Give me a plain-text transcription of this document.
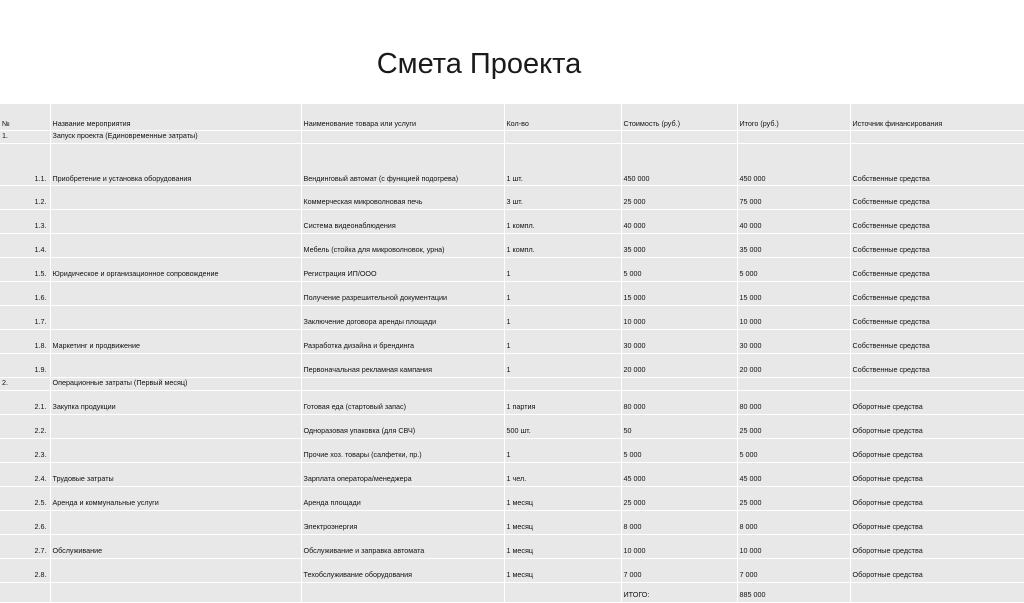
Смета Проекта
№	Название мероприятия	Наименование товара или услуги	Кол-во	Стоимость (руб.)	Итого (руб.)	Источник финансирования
1.	Запуск проекта (Единовременные затраты)					
1.1.	Приобретение и установка оборудования	Вендинговый автомат (с функцией подогрева)	1 шт.	450 000	450 000	Собственные средства
1.2.		Коммерческая микроволновая печь	3 шт.	25 000	75 000	Собственные средства
1.3.		Система видеонаблюдения	1 компл.	40 000	40 000	Собственные средства
1.4.		Мебель (стойка для микроволновок, урна)	1 компл.	35 000	35 000	Собственные средства
1.5.	Юридическое и организационное сопровождение	Регистрация ИП/ООО	1	5 000	5 000	Собственные средства
1.6.		Получение разрешительной документации	1	15 000	15 000	Собственные средства
1.7.		Заключение договора аренды площади	1	10 000	10 000	Собственные средства
1.8.	Маркетинг и продвижение	Разработка дизайна и брендинга	1	30 000	30 000	Собственные средства
1.9.		Первоначальная рекламная кампания	1	20 000	20 000	Собственные средства
2.	Операционные затраты (Первый месяц)					
2.1.	Закупка продукции	Готовая еда (стартовый запас)	1 партия	80 000	80 000	Оборотные средства
2.2.		Одноразовая упаковка (для СВЧ)	500 шт.	50	25 000	Оборотные средства
2.3.		Прочие хоз. товары (салфетки, пр.)	1	5 000	5 000	Оборотные средства
2.4.	Трудовые затраты	Зарплата оператора/менеджера	1 чел.	45 000	45 000	Оборотные средства
2.5.	Аренда и коммунальные услуги	Аренда площади	1 месяц	25 000	25 000	Оборотные средства
2.6.		Электроэнергия	1 месяц	8 000	8 000	Оборотные средства
2.7.	Обслуживание	Обслуживание и заправка автомата	1 месяц	10 000	10 000	Оборотные средства
2.8.		Техобслуживание оборудования	1 месяц	7 000	7 000	Оборотные средства
				ИТОГО:	885 000	
